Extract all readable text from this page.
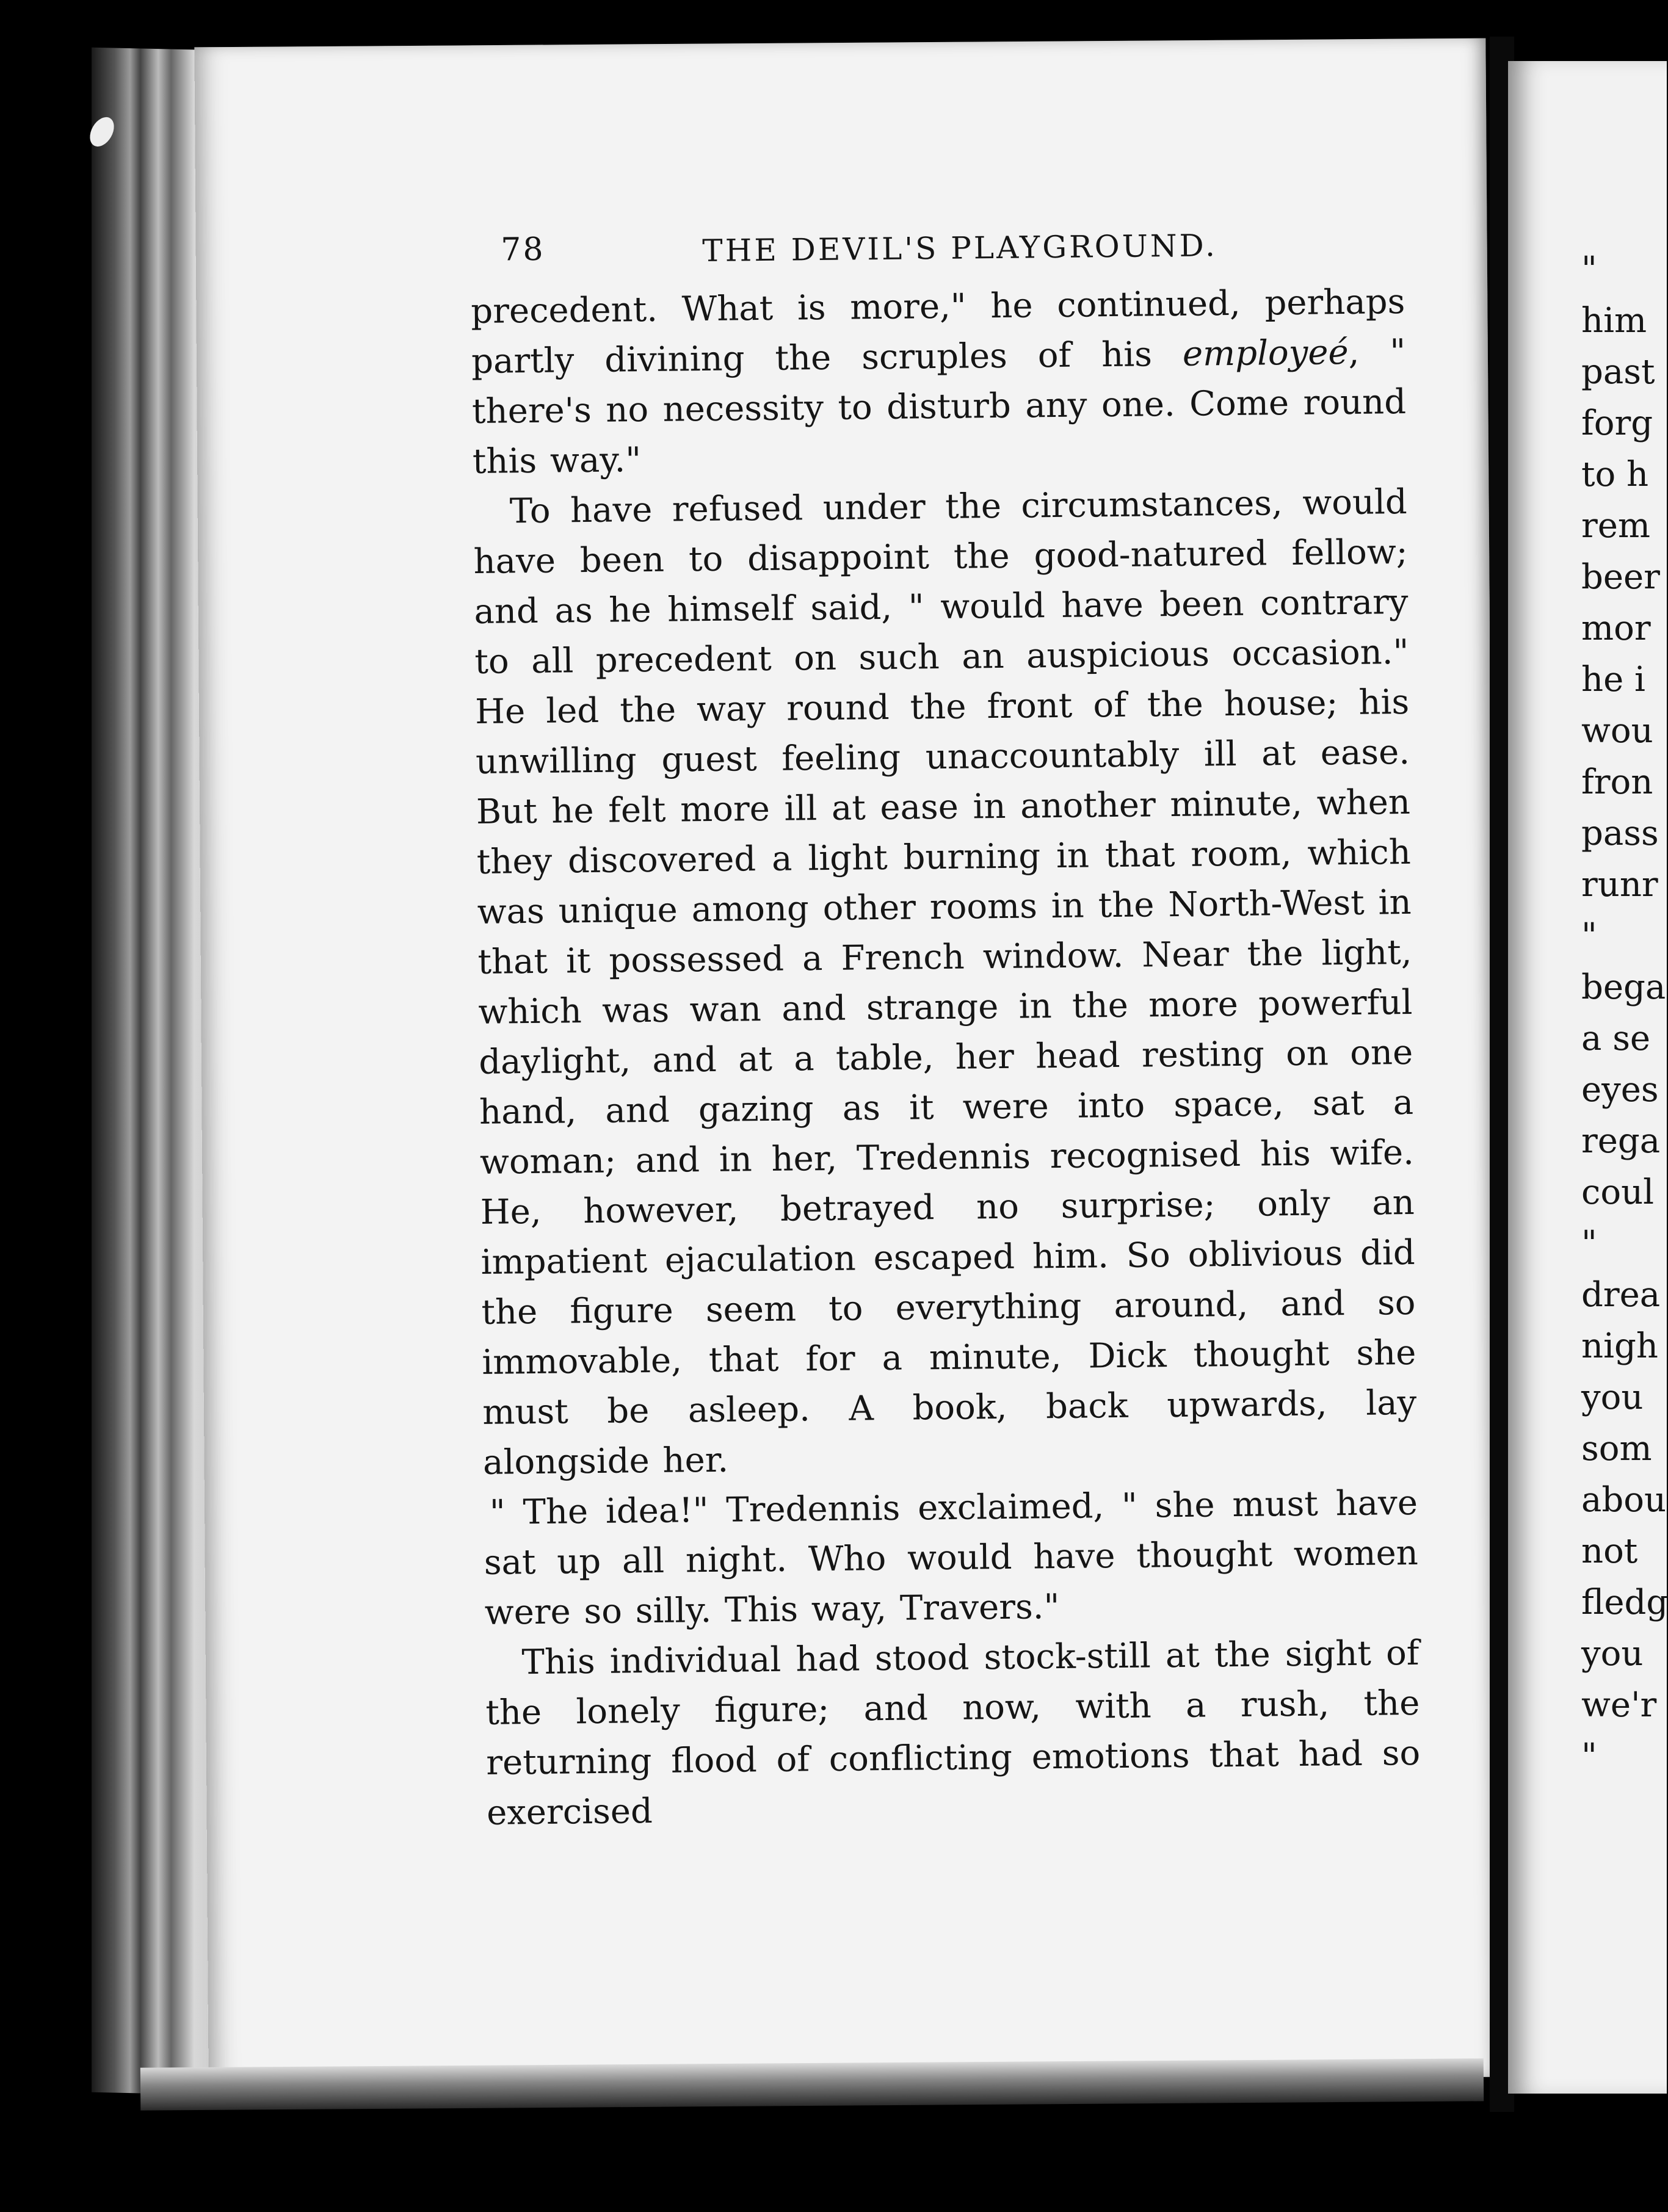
78	THE DEVIL'S PLAYGROUND.

precedent. What is more," he continued, perhaps partly divining the scruples of his employeé, " there's no necessity to disturb any one. Come round this way."

To have refused under the circumstances, would have been to disappoint the good-natured fellow; and as he himself said, " would have been contrary to all precedent on such an auspicious occasion." He led the way round the front of the house; his unwilling guest feeling unaccountably ill at ease. But he felt more ill at ease in another minute, when they discovered a light burning in that room, which was unique among other rooms in the North-West in that it possessed a French window. Near the light, which was wan and strange in the more powerful daylight, and at a table, her head resting on one hand, and gazing as it were into space, sat a woman; and in her, Tredennis recognised his wife. He, however, betrayed no surprise; only an impatient ejaculation escaped him. So oblivious did the figure seem to everything around, and so immovable, that for a minute, Dick thought she must be asleep. A book, back upwards, lay alongside her.

" The idea!" Tredennis exclaimed, " she must have sat up all night. Who would have thought women were so silly. This way, Travers."

This individual had stood stock-still at the sight of the lonely figure; and now, with a rush, the returning flood of conflicting emotions that had so exercised

"
him
past
forg
to h
rem
beer
mor
he i
wou
fron
pass
runr
"
bega
a se
eyes
rega
coul
"
drea
nigh
you
som
abou
not
fledg
you
we'r
"
